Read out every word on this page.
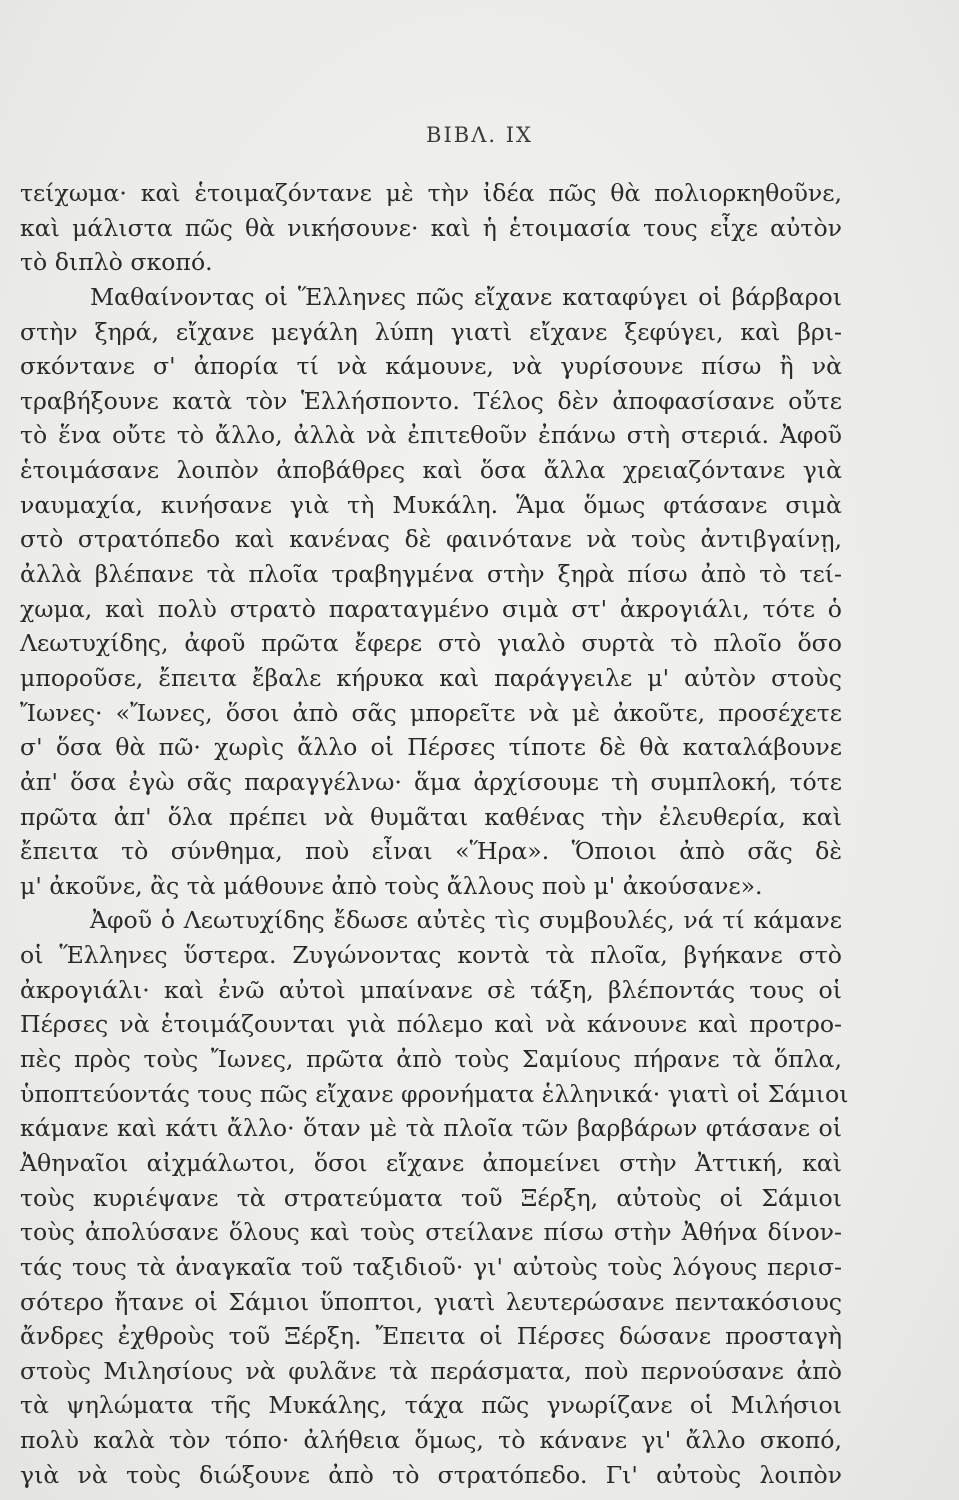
ΒΙΒΛ. ΙΧ
τείχωμα· καὶ ἑτοιμαζόντανε μὲ τὴν ἰδέα πῶς θὰ πολιορκηθοῦνε,
καὶ μάλιστα πῶς θὰ νικήσουνε· καὶ ἡ ἑτοιμασία τους εἶχε αὐτὸν
τὸ διπλὸ σκοπό.
Μαθαίνοντας οἱ Ἕλληνες πῶς εἴχανε καταφύγει οἱ βάρβαροι
στὴν ξηρά, εἴχανε μεγάλη λύπη γιατὶ εἴχανε ξεφύγει, καὶ βρι-
σκόντανε σ' ἀπορία τί νὰ κάμουνε, νὰ γυρίσουνε πίσω ἢ νὰ
τραβήξουνε κατὰ τὸν Ἑλλήσποντο. Τέλος δὲν ἀποφασίσανε οὔτε
τὸ ἕνα οὔτε τὸ ἄλλο, ἀλλὰ νὰ ἐπιτεθοῦν ἐπάνω στὴ στεριά. Ἀφοῦ
ἑτοιμάσανε λοιπὸν ἀποβάθρες καὶ ὅσα ἄλλα χρειαζόντανε γιὰ
ναυμαχία, κινήσανε γιὰ τὴ Μυκάλη. Ἅμα ὅμως φτάσανε σιμὰ
στὸ στρατόπεδο καὶ κανένας δὲ φαινότανε νὰ τοὺς ἀντιβγαίνῃ,
ἀλλὰ βλέπανε τὰ πλοῖα τραβηγμένα στὴν ξηρὰ πίσω ἀπὸ τὸ τεί-
χωμα, καὶ πολὺ στρατὸ παραταγμένο σιμὰ στ' ἀκρογιάλι, τότε ὁ
Λεωτυχίδης, ἀφοῦ πρῶτα ἔφερε στὸ γιαλὸ συρτὰ τὸ πλοῖο ὅσο
μποροῦσε, ἔπειτα ἔβαλε κήρυκα καὶ παράγγειλε μ' αὐτὸν στοὺς
Ἴωνες· «Ἴωνες, ὅσοι ἀπὸ σᾶς μπορεῖτε νὰ μὲ ἀκοῦτε, προσέχετε
σ' ὅσα θὰ πῶ· χωρὶς ἄλλο οἱ Πέρσες τίποτε δὲ θὰ καταλάβουνε
ἀπ' ὅσα ἐγὼ σᾶς παραγγέλνω· ἅμα ἀρχίσουμε τὴ συμπλοκή, τότε
πρῶτα ἀπ' ὅλα πρέπει νὰ θυμᾶται καθένας τὴν ἐλευθερία, καὶ
ἔπειτα τὸ σύνθημα, ποὺ εἶναι «Ἥρα». Ὅποιοι ἀπὸ σᾶς δὲ
μ' ἀκοῦνε, ἂς τὰ μάθουνε ἀπὸ τοὺς ἄλλους ποὺ μ' ἀκούσανε».
Ἀφοῦ ὁ Λεωτυχίδης ἔδωσε αὐτὲς τὶς συμβουλές, νά τί κάμανε
οἱ Ἕλληνες ὕστερα. Ζυγώνοντας κοντὰ τὰ πλοῖα, βγήκανε στὸ
ἀκρογιάλι· καὶ ἐνῶ αὐτοὶ μπαίνανε σὲ τάξη, βλέποντάς τους οἱ
Πέρσες νὰ ἑτοιμάζουνται γιὰ πόλεμο καὶ νὰ κάνουνε καὶ προτρο-
πὲς πρὸς τοὺς Ἴωνες, πρῶτα ἀπὸ τοὺς Σαμίους πήρανε τὰ ὅπλα,
ὑποπτεύοντάς τους πῶς εἴχανε φρονήματα ἑλληνικά· γιατὶ οἱ Σάμιοι
κάμανε καὶ κάτι ἄλλο· ὅταν μὲ τὰ πλοῖα τῶν βαρβάρων φτάσανε οἱ
Ἀθηναῖοι αἰχμάλωτοι, ὅσοι εἴχανε ἀπομείνει στὴν Ἀττική, καὶ
τοὺς κυριέψανε τὰ στρατεύματα τοῦ Ξέρξη, αὐτοὺς οἱ Σάμιοι
τοὺς ἀπολύσανε ὅλους καὶ τοὺς στείλανε πίσω στὴν Ἀθήνα δίνον-
τάς τους τὰ ἀναγκαῖα τοῦ ταξιδιοῦ· γι' αὐτοὺς τοὺς λόγους περισ-
σότερο ἤτανε οἱ Σάμιοι ὕποπτοι, γιατὶ λευτερώσανε πεντακόσιους
ἄνδρες ἐχθροὺς τοῦ Ξέρξη. Ἔπειτα οἱ Πέρσες δώσανε προσταγὴ
στοὺς Μιλησίους νὰ φυλᾶνε τὰ περάσματα, ποὺ περνούσανε ἀπὸ
τὰ ψηλώματα τῆς Μυκάλης, τάχα πῶς γνωρίζανε οἱ Μιλήσιοι
πολὺ καλὰ τὸν τόπο· ἀλήθεια ὅμως, τὸ κάνανε γι' ἄλλο σκοπό,
γιὰ νὰ τοὺς διώξουνε ἀπὸ τὸ στρατόπεδο. Γι' αὐτοὺς λοιπὸν
